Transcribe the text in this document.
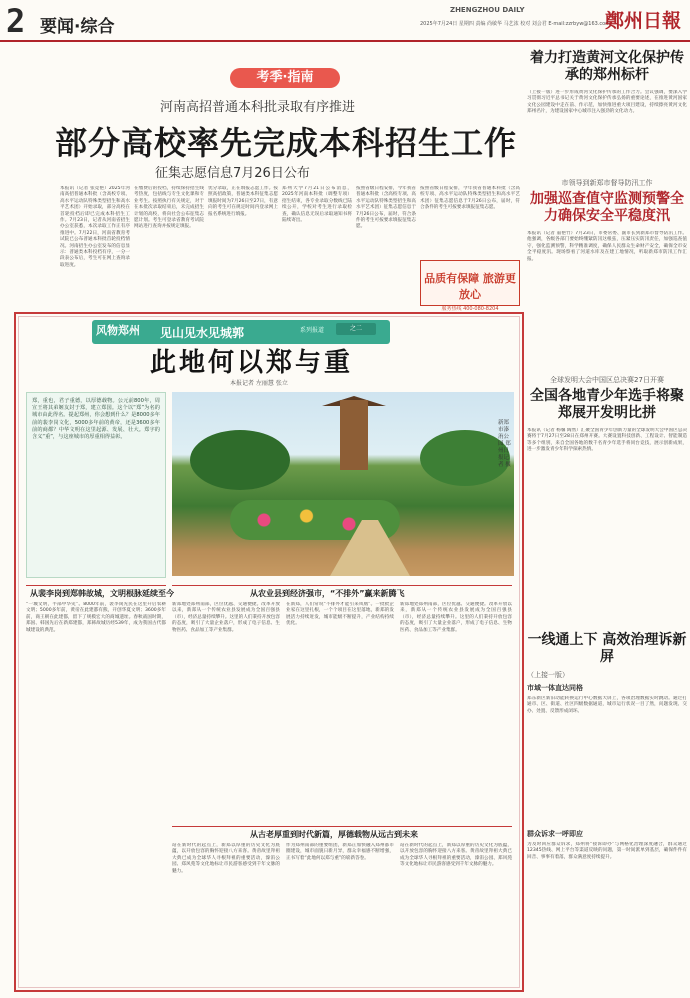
2 要闻·综合
ZHENGZHOU DAILY
2025年7月24日 星期四 责编 尚敏华 马艺浓 校对 刘会君 E-mail:zzrbyw@163.com
鄭州日報
考季·指南
河南高招普通本科批录取有序推进
部分高校率先完成本科招生工作
征集志愿信息7月26日公布
本报讯（记者 张竞艳）2025年河南高招普通本科批（含高校专项、高水平运动队特殊类型招生和高水平艺术团）开始录取，部分高校在首轮投档后即已完成本科招生工作。7月23日，记者从河南省招生办公室获悉，本次录取工作正有序推进中。7月22日，河南省教育考试院已公布普通本科批首轮投档情况。河南招生办公室发布的信息显示：普通类本科投档有序，一分一段表公布后，考生可在网上查询录取进度。
在缴费后的投档，持续保持招生线考热度，包括线与专生文化课和专业考生。按照执行有关规定，对于在本批次录取结束后，未完成招生计划的高校，将向社会公布征集志愿计划。考生可登录省教育考试院网站进行查询并按规定填报。
优分录取，正在填报志愿工作。按照高招政策，普通类本科征集志愿填报时间为7月26日至27日，有意向的考生可在规定时间内登录网上报名系统进行填报。
郑州大学7月21日公布消息，2025年河南本科批（调整专项）招生结束，各专业录取分数线已陆续公开，学校对考生进行录取检查，确认信息无误后录取通知书将陆续寄出。
按照省级日程安排，今年我省普通本科批（含高校专项、高水平运动队特殊类型招生和高水平艺术团）征集志愿信息于7月26日公布，届时，符合条件的考生可按要求填报征集志愿。
按照省级日程安排，今年我省普通本科批（含高校专项、高水平运动队特殊类型招生和高水平艺术团）征集志愿信息于7月26日公布，届时，符合条件的考生可按要求填报征集志愿。
品质有保障 旅游更放心
服务热线 400-080-8204
着力打造黄河文化保护传承的郑州标杆
（上接一版）进一步形成黄河文化保护传承的工作合力。会议强调，要深入学习贯彻习近平总书记关于黄河文化保护传承弘扬的重要论述，在推进黄河国家文化公园建设中走在前、作示范，加快推进重大项目建设，持续擦亮黄河文化郑州名片，为建设国家中心城市注入强劲的文化动力。
市领导到新郑市督导防汛工作
加强巡查值守监测预警全力确保安全平稳度汛
本报讯（记者 董艳竹）7月23日，市委常委、副市长到新郑市督导防汛工作。他强调，各级各部门要始终绷紧防汛这根弦，压紧压实防汛责任，加强巡查值守，强化监测预警，科学精准调度，确保人民群众生命财产安全，确保全市安全平稳度汛。现场察看了河道水库及在建工地情况，听取新郑市防汛工作汇报。
全球发明大会中国区总决赛27日开赛
全国各地青少年选手将聚郑展开发明比拼
本报讯（记者 杨馨 陶然）汇聚全国青少年创新力量的全球发明大会中国区总决赛将于7月27日至28日在郑州开赛。大赛设置科技创新、工程设计、智能制造等多个组别，来自全国各地的数千名青少年选手将同台竞技，展示创新成果，进一步激发青少年科学探索热情。
一线通上下 高效治理诉新屏
（上接一版）
市域一体直达同格
郑东新区新旧动能转换运行中心数据大屏上，各项治理数据实时跳动。通过打通市、区、街道、社区四级数据通道，城市运行状况一目了然，问题发现、交办、处置、反馈形成闭环。
群众诉求一呼即应
为及时回应群众诉求，郑州将“接诉即办”与网格化治理深度融合，群众通过12345热线、网上平台等渠道反映的问题，第一时间派单到基层，确保件件有回音、事事有着落，群众满意度持续提升。
风物郑州 见山见水见城郭	系列报道	之二
此地何以郑与重
本报记者 左丽慧 张立
郑，重也，君子重德，以厚德载物。公元前800年，周宣王将其弟姬友封于郑，建立郑国。这个以“郑”为名的城市由此得名。提起郑州，你会想到什么？是8000多年前的裴李岗文化，5000多年前的黄帝，还是3600多年前的商都？中华文明在这里起源、发展、壮大。郑字的含义“重”，与这座城市的厚重相得益彰。
新郑市溱洧公园 郑州日报记者 摄
从裴李岗到郑韩故城，文明根脉延续至今
“一城文明，半部中华史”。8000年前，裴李岗先民在这里开启农耕文明；5000多年前，黄帝在此建都有熊，开创华夏文明；3600多年前，商王朝在此建都，留下了规模宏大的商城遗址。春秋战国时期，郑国、韩国先后在新郑建都，郑韩故城历经539年，成为我国古代都城建设的典范。
从农业县到经济强市，“不排外”赢来新腾飞
新郑地处郑州南部，区位优越、交通便捷。改革开放以来，新郑从一个传统农业县发展成为全国百强县（市），经济总量持续攀升。这里的人们秉持开放包容的态度，吸引了大量企业落户，形成了电子信息、生物医药、食品加工等产业集群。
在新郑，人们常说“不排外才能引来凤凰”。一批批企业家在这里扎根，一个个项目在这里落地，新郑的发展活力持续迸发，城市能级不断提升，产业结构持续优化。
新郑地处郑州南部，区位优越、交通便捷。改革开放以来，新郑从一个传统农业县发展成为全国百强县（市），经济总量持续攀升。这里的人们秉持开放包容的态度，吸引了大量企业落户，形成了电子信息、生物医药、食品加工等产业集群。
从古老厚重到时代新篇，厚德载物从远古到未来
站在新时代的起点上，新郑以厚重的历史文化为底蕴，以开放包容的胸怀迎接八方来客。黄帝故里拜祖大典已成为全球华人寻根拜祖的重要活动，溱洧公园、郑风苑等文化地标让市民游客感受到千年文脉的魅力。
作为郑州南部的重要组团，新郑正加快融入郑州都市圈建设，城市面貌日新月异，群众幸福感不断增强，正书写着“此地何以郑与重”的崭新答卷。
站在新时代的起点上，新郑以厚重的历史文化为底蕴，以开放包容的胸怀迎接八方来客。黄帝故里拜祖大典已成为全球华人寻根拜祖的重要活动，溱洧公园、郑风苑等文化地标让市民游客感受到千年文脉的魅力。
